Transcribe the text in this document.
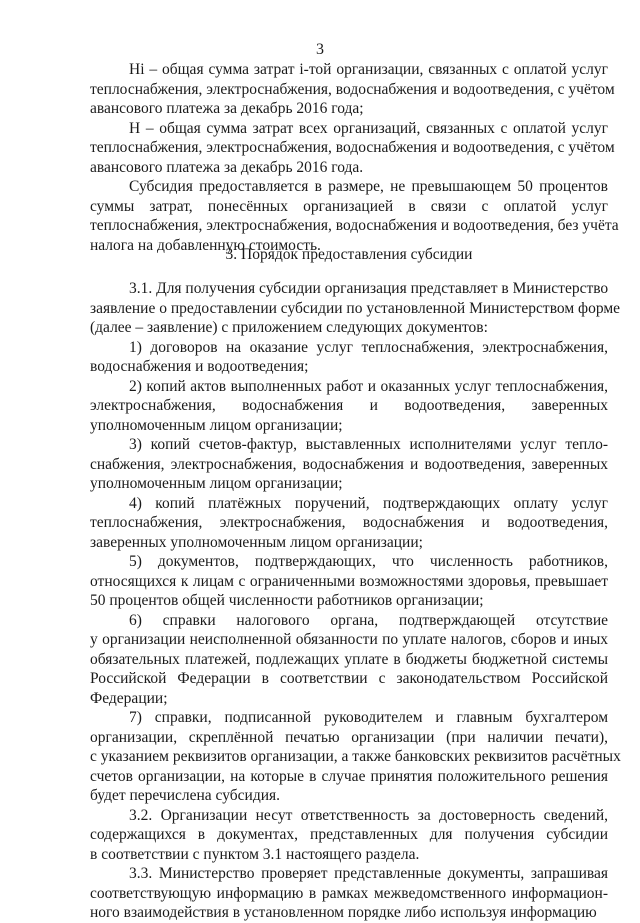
3
Hi – общая сумма затрат i-той организации, связанных с оплатой услуг
теплоснабжения, электроснабжения, водоснабжения и водоотведения, с учётом
авансового платежа за декабрь 2016 года;
H – общая сумма затрат всех организаций, связанных с оплатой услуг
теплоснабжения, электроснабжения, водоснабжения и водоотведения, с учётом
авансового платежа за декабрь 2016 года.
Субсидия предоставляется в размере, не превышающем 50 процентов
суммы затрат, понесённых организацией в связи с оплатой услуг
теплоснабжения, электроснабжения, водоснабжения и водоотведения, без учёта
налога на добавленную стоимость.
3. Порядок предоставления субсидии
3.1. Для получения субсидии организация представляет в Министерство
заявление о предоставлении субсидии по установленной Министерством форме
(далее – заявление) с приложением следующих документов:
1) договоров на оказание услуг теплоснабжения, электроснабжения,
водоснабжения и водоотведения;
2) копий актов выполненных работ и оказанных услуг теплоснабжения,
электроснабжения, водоснабжения и водоотведения, заверенных
уполномоченным лицом организации;
3) копий счетов-фактур, выставленных исполнителями услуг тепло-
снабжения, электроснабжения, водоснабжения и водоотведения, заверенных
уполномоченным лицом организации;
4) копий платёжных поручений, подтверждающих оплату услуг
теплоснабжения, электроснабжения, водоснабжения и водоотведения,
заверенных уполномоченным лицом организации;
5) документов, подтверждающих, что численность работников,
относящихся к лицам с ограниченными возможностями здоровья, превышает
50 процентов общей численности работников организации;
6) справки налогового органа, подтверждающей отсутствие
у организации неисполненной обязанности по уплате налогов, сборов и иных
обязательных платежей, подлежащих уплате в бюджеты бюджетной системы
Российской Федерации в соответствии с законодательством Российской
Федерации;
7) справки, подписанной руководителем и главным бухгалтером
организации, скреплённой печатью организации (при наличии печати),
с указанием реквизитов организации, а также банковских реквизитов расчётных
счетов организации, на которые в случае принятия положительного решения
будет перечислена субсидия.
3.2. Организации несут ответственность за достоверность сведений,
содержащихся в документах, представленных для получения субсидии
в соответствии с пунктом 3.1 настоящего раздела.
3.3. Министерство проверяет представленные документы, запрашивая
соответствующую информацию в рамках межведомственного информацион-
ного взаимодействия в установленном порядке либо используя информацию
